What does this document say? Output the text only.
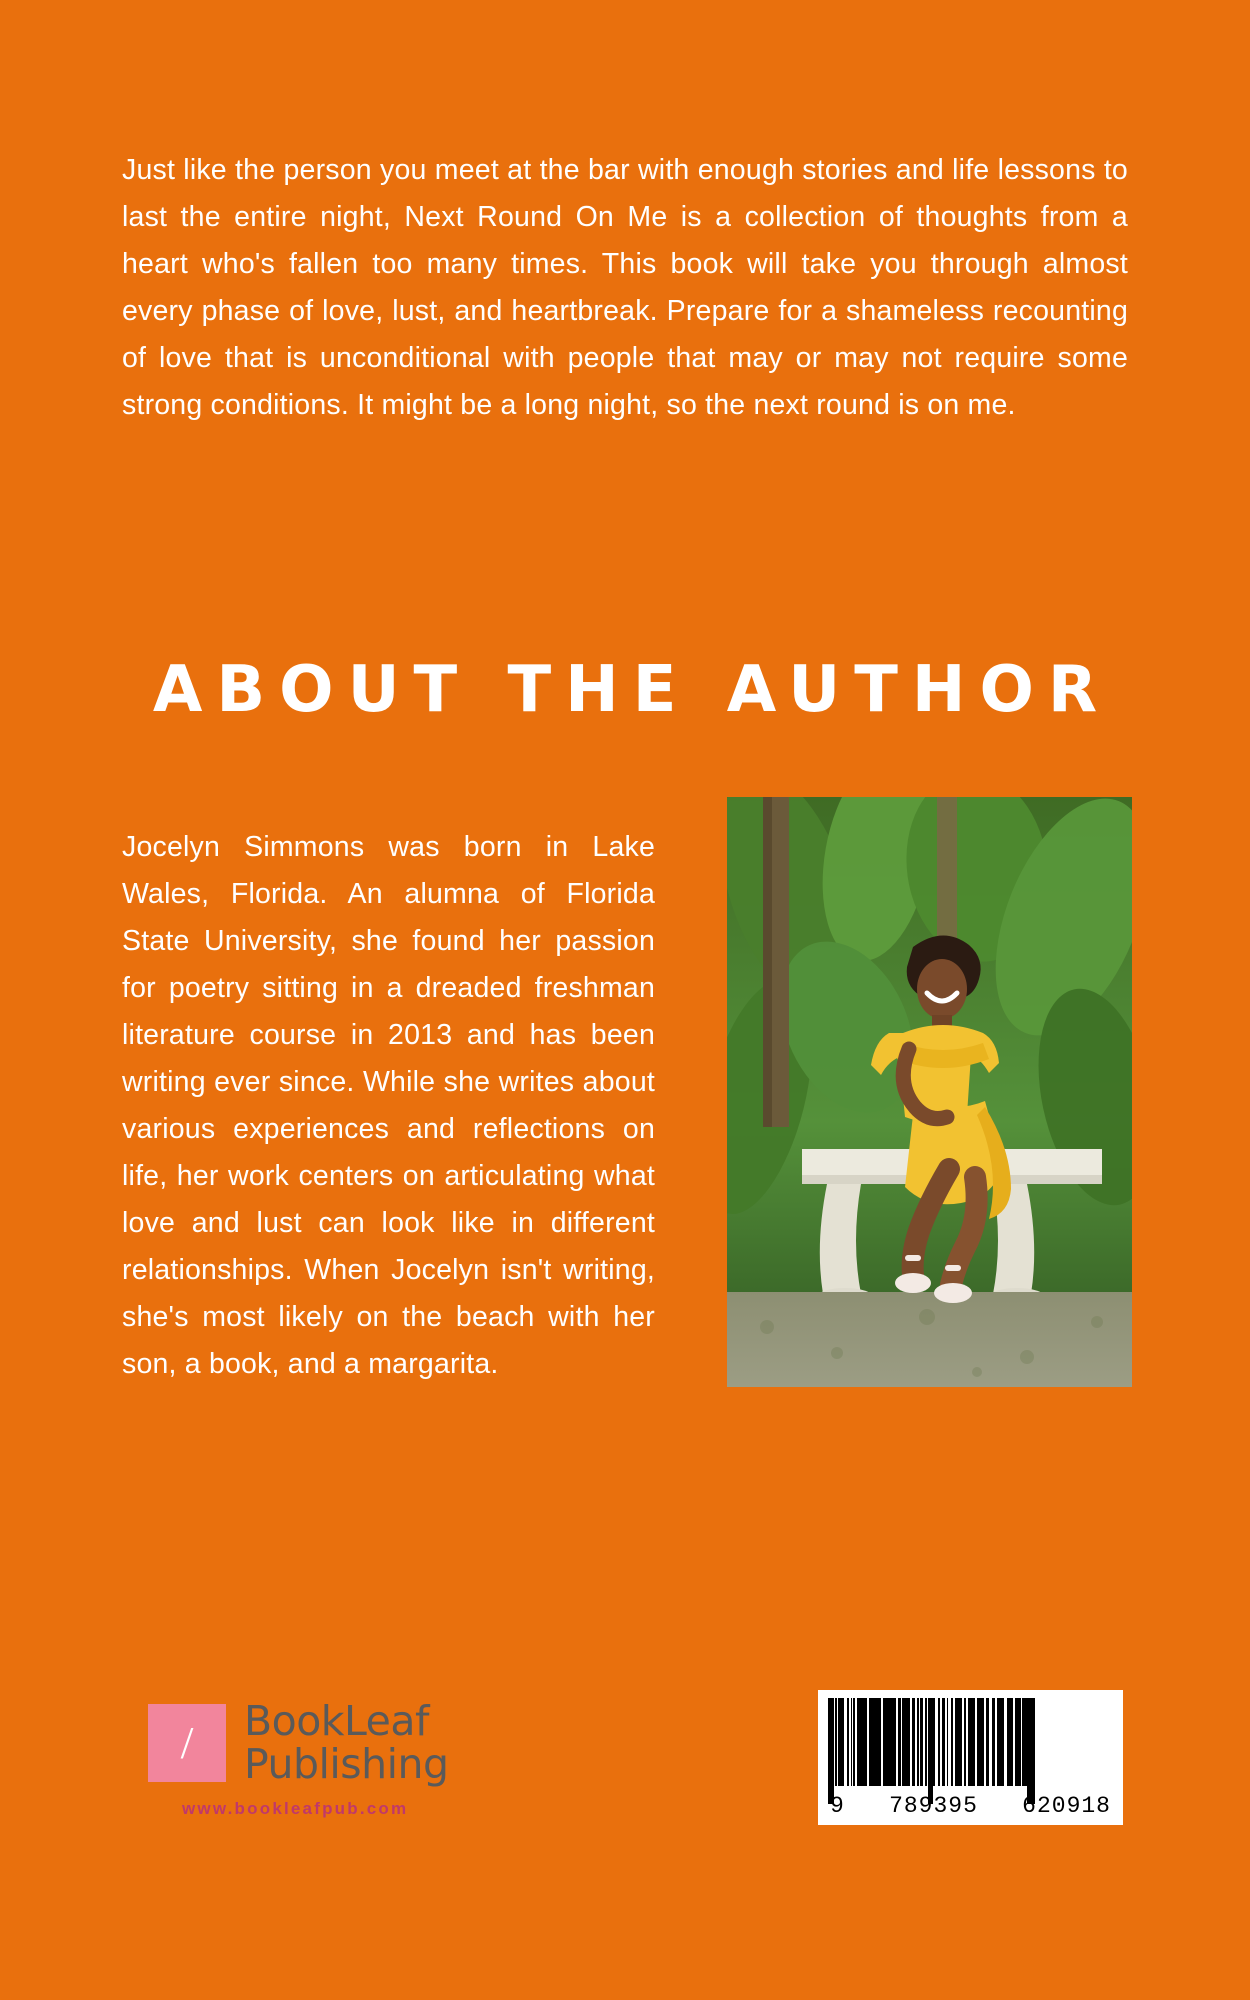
Just like the person you meet at the bar with enough stories and life lessons to last the entire night, Next Round On Me is a collection of thoughts from a heart who's fallen too many times. This book will take you through almost every phase of love, lust, and heartbreak. Prepare for a shameless recounting of love that is unconditional with people that may or may not require some strong conditions. It might be a long night, so the next round is on me.

ABOUT THE AUTHOR

Jocelyn Simmons was born in Lake Wales, Florida. An alumna of Florida State University, she found her passion for poetry sitting in a dreaded freshman literature course in 2013 and has been writing ever since. While she writes about various experiences and reflections on life, her work centers on articulating what love and lust can look like in different relationships. When Jocelyn isn't writing, she's most likely on the beach with her son, a book, and a margarita.

/ BookLeaf
Publishing
www.bookleafpub.com	9 789395 620918
